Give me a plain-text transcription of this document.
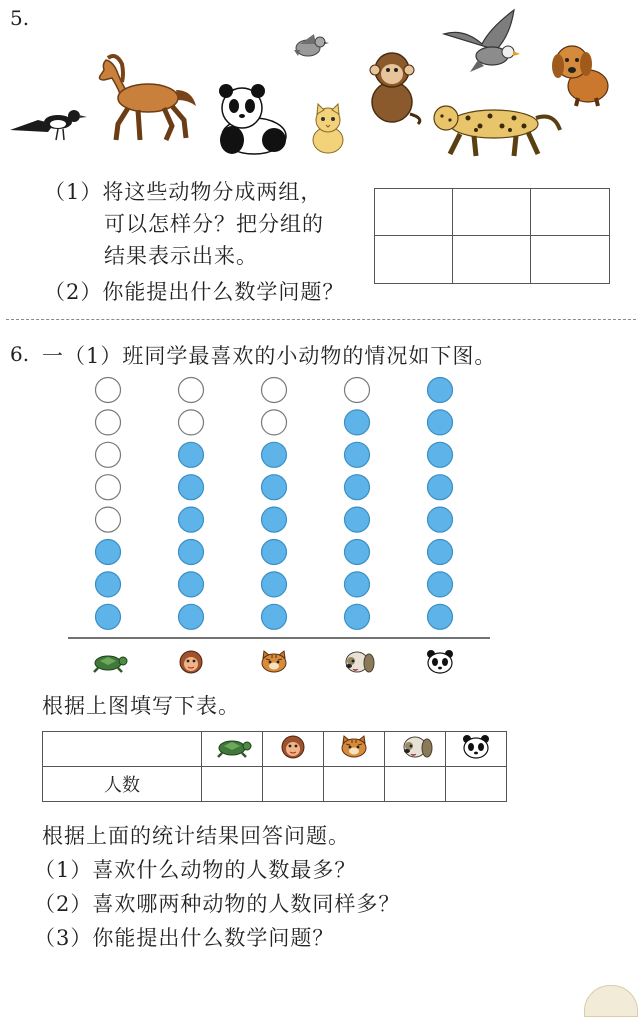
5.
（1）将这些动物分成两组，
可以怎样分？把分组的
结果表示出来。
（2）你能提出什么数学问题？
6. 一（1）班同学最喜欢的小动物的情况如下图。
根据上图填写下表。

人数					
根据上面的统计结果回答问题。
（1）喜欢什么动物的人数最多？
（2）喜欢哪两种动物的人数同样多？
（3）你能提出什么数学问题？
